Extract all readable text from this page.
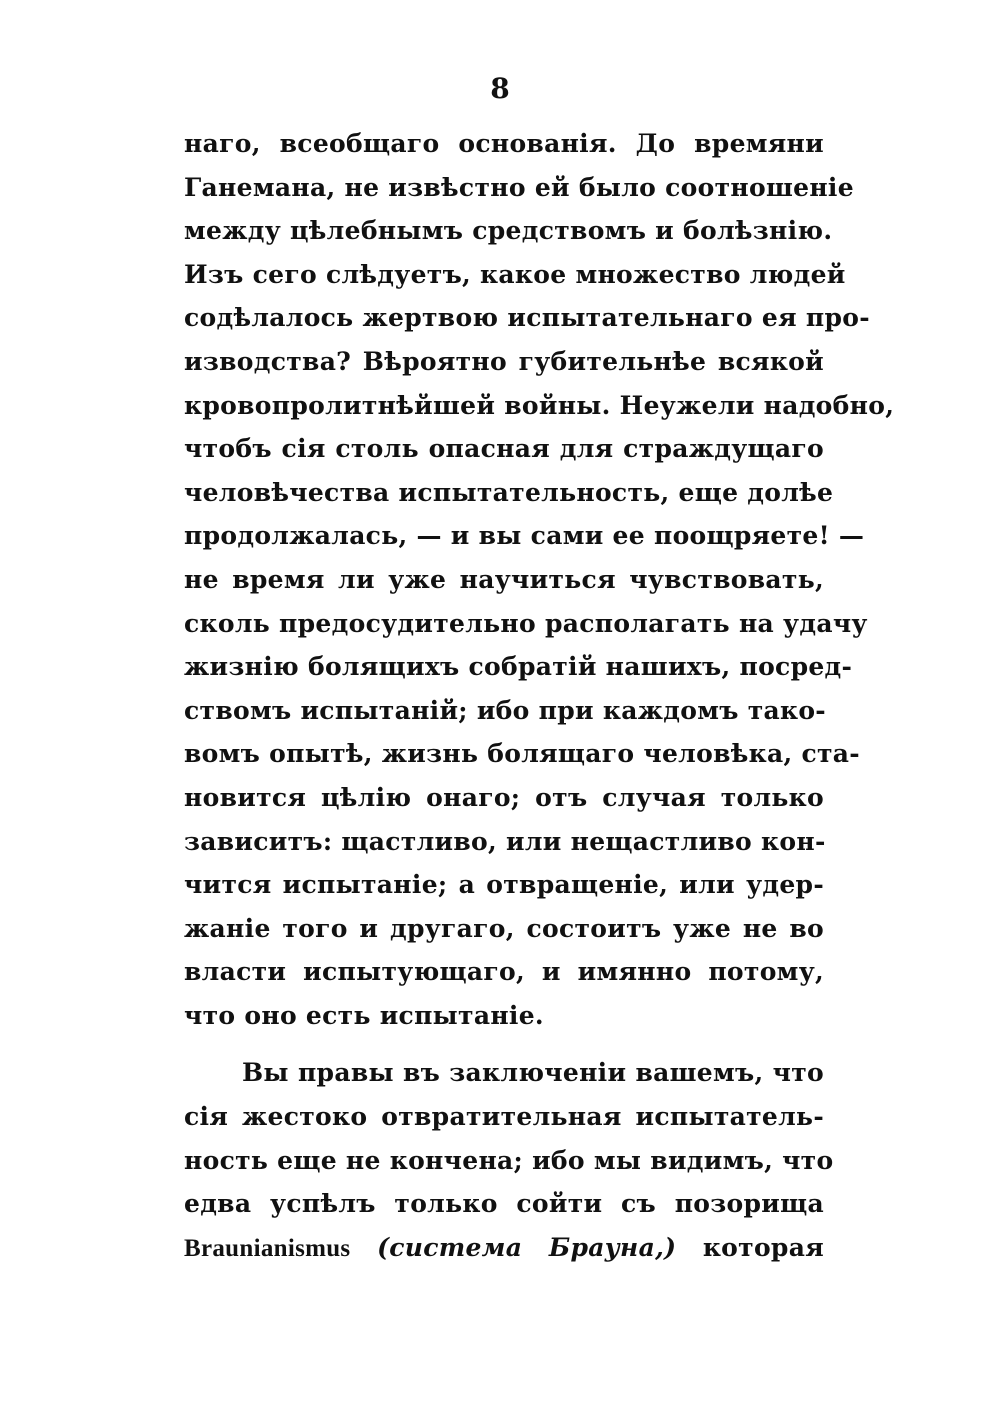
8
наго, всеобщаго основанія. До времяни
Ганемана, не извѣстно ей было соотношеніе
между цѣлебнымъ средствомъ и болѣзнію.
Изъ сего слѣдуетъ, какое множество людей
содѣлалось жертвою испытательнаго ея про-
изводства? Вѣроятно губительнѣе всякой
кровопролитнѣйшей войны. Неужели надобно,
чтобъ сія столь опасная для страждущаго
человѣчества испытательность, еще долѣе
продолжалась, — и вы сами ее поощряете! —
не время ли уже научиться чувствовать,
сколь предосудительно располагать на удачу
жизнію болящихъ собратій нашихъ, посред-
ствомъ испытаній; ибо при каждомъ тако-
вомъ опытѣ, жизнь болящаго человѣка, ста-
новится цѣлію онаго; отъ случая только
зависитъ: щастливо, или нещастливо кон-
чится испытаніе; а отвращеніе, или удер-
жаніе того и другаго, состоитъ уже не во
власти испытующаго, и имянно потому,
что оно есть испытаніе.
Вы правы въ заключеніи вашемъ, что
сія жестоко отвратительная испытатель-
ность еще не кончена; ибо мы видимъ, что
едва успѣлъ только сойти съ позорища
Braunianismus (система Брауна,) которая
